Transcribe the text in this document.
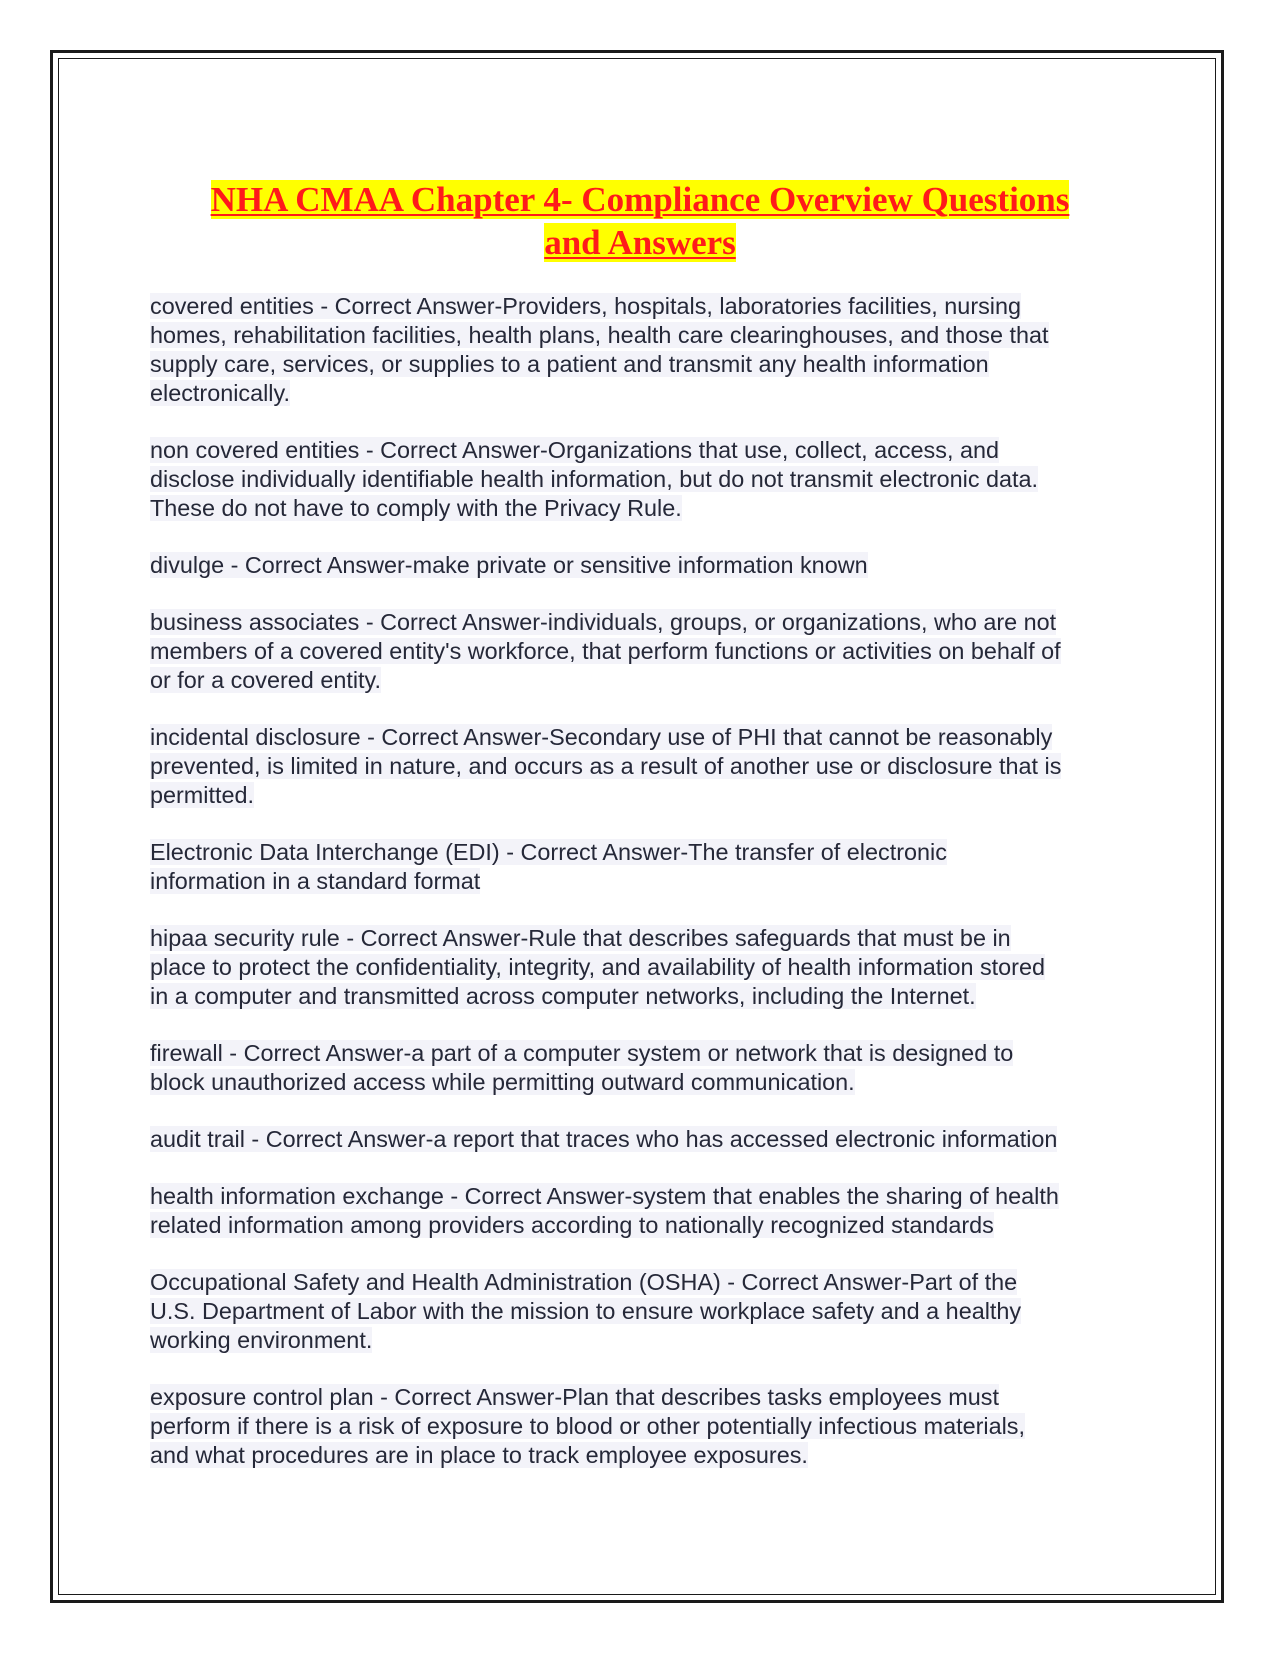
NHA CMAA Chapter 4- Compliance Overview Questions
and Answers
covered entities - Correct Answer-Providers, hospitals, laboratories facilities, nursing
homes, rehabilitation facilities, health plans, health care clearinghouses, and those that
supply care, services, or supplies to a patient and transmit any health information
electronically.
non covered entities - Correct Answer-Organizations that use, collect, access, and
disclose individually identifiable health information, but do not transmit electronic data.
These do not have to comply with the Privacy Rule.
divulge - Correct Answer-make private or sensitive information known
business associates - Correct Answer-individuals, groups, or organizations, who are not
members of a covered entity's workforce, that perform functions or activities on behalf of
or for a covered entity.
incidental disclosure - Correct Answer-Secondary use of PHI that cannot be reasonably
prevented, is limited in nature, and occurs as a result of another use or disclosure that is
permitted.
Electronic Data Interchange (EDI) - Correct Answer-The transfer of electronic
information in a standard format
hipaa security rule - Correct Answer-Rule that describes safeguards that must be in
place to protect the confidentiality, integrity, and availability of health information stored
in a computer and transmitted across computer networks, including the Internet.
firewall - Correct Answer-a part of a computer system or network that is designed to
block unauthorized access while permitting outward communication.
audit trail - Correct Answer-a report that traces who has accessed electronic information
health information exchange - Correct Answer-system that enables the sharing of health
related information among providers according to nationally recognized standards
Occupational Safety and Health Administration (OSHA) - Correct Answer-Part of the
U.S. Department of Labor with the mission to ensure workplace safety and a healthy
working environment.
exposure control plan - Correct Answer-Plan that describes tasks employees must
perform if there is a risk of exposure to blood or other potentially infectious materials,
and what procedures are in place to track employee exposures.
